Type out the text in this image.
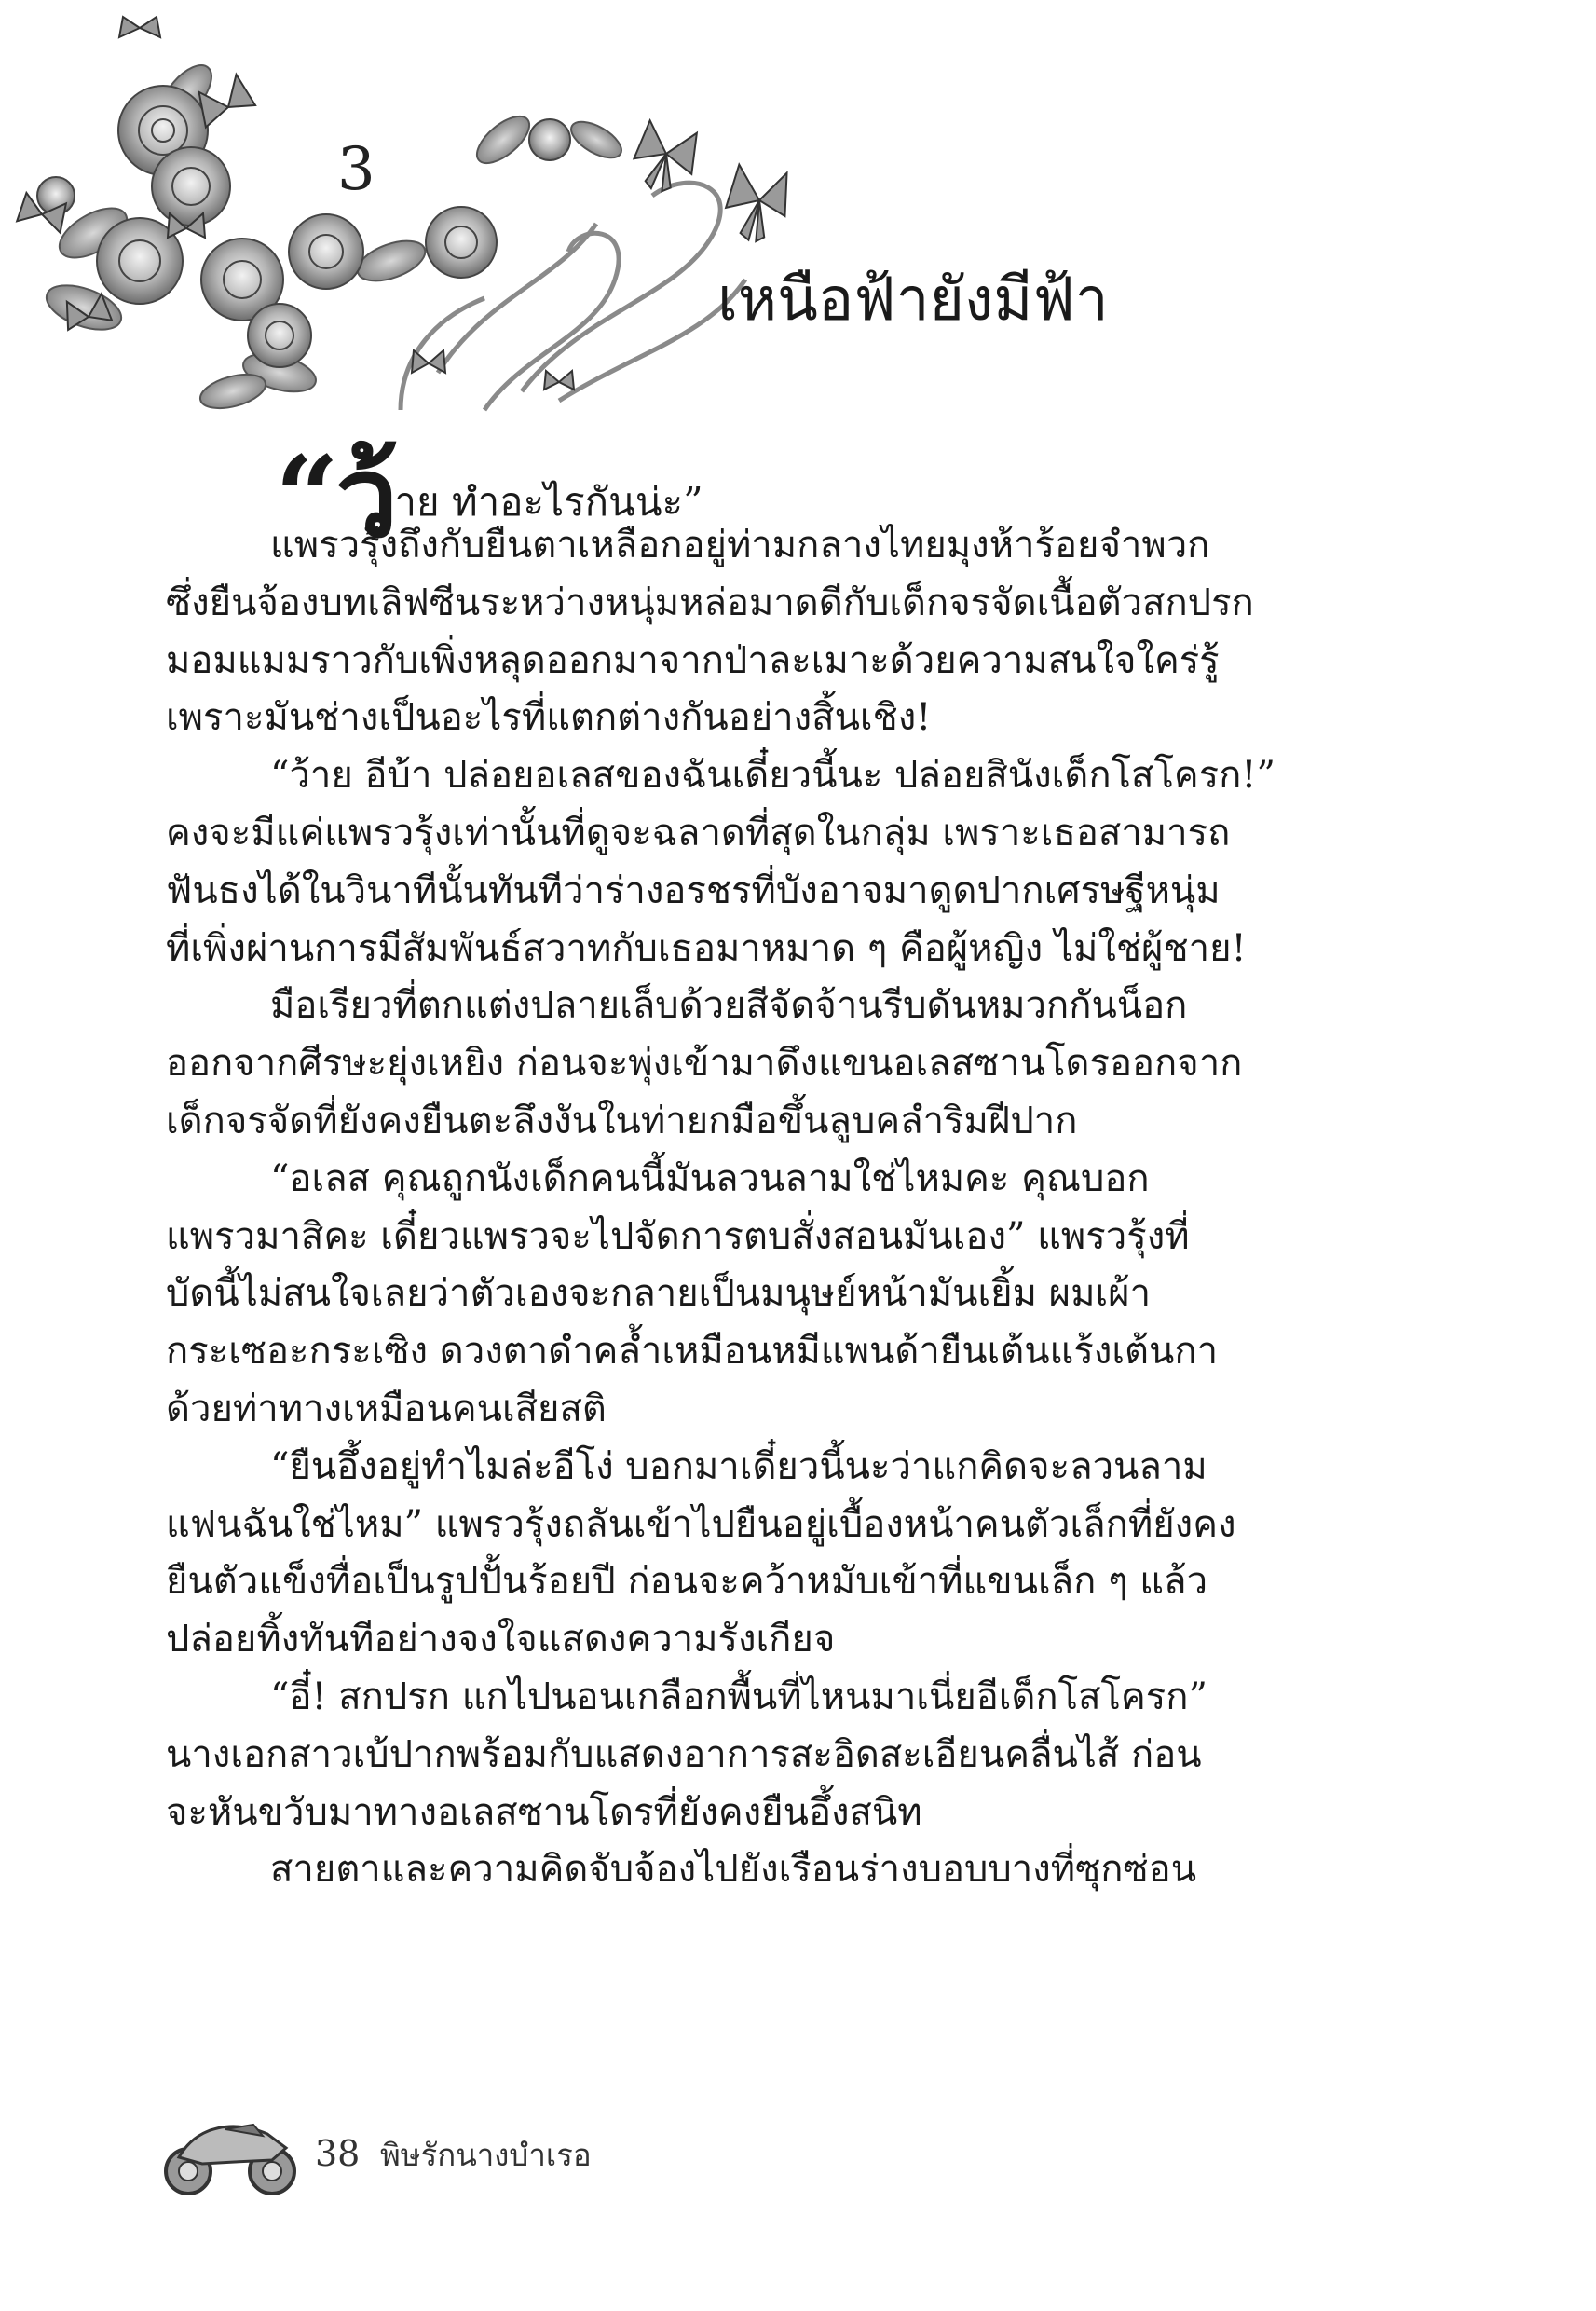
3
เหนือฟ้ายังมีฟ้า
“ว้าย ทำอะไรกันน่ะ”
แพรวรุ้งถึงกับยืนตาเหลือกอยู่ท่ามกลางไทยมุงห้าร้อยจำพวก
ซึ่งยืนจ้องบทเลิฟซีนระหว่างหนุ่มหล่อมาดดีกับเด็กจรจัดเนื้อตัวสกปรก
มอมแมมราวกับเพิ่งหลุดออกมาจากป่าละเมาะด้วยความสนใจใคร่รู้
เพราะมันช่างเป็นอะไรที่แตกต่างกันอย่างสิ้นเชิง!
“ว้าย อีบ้า ปล่อยอเลสของฉันเดี๋ยวนี้นะ ปล่อยสินังเด็กโสโครก!”
คงจะมีแค่แพรวรุ้งเท่านั้นที่ดูจะฉลาดที่สุดในกลุ่ม เพราะเธอสามารถ
ฟันธงได้ในวินาทีนั้นทันทีว่าร่างอรชรที่บังอาจมาดูดปากเศรษฐีหนุ่ม
ที่เพิ่งผ่านการมีสัมพันธ์สวาทกับเธอมาหมาด ๆ คือผู้หญิง ไม่ใช่ผู้ชาย!
มือเรียวที่ตกแต่งปลายเล็บด้วยสีจัดจ้านรีบดันหมวกกันน็อก
ออกจากศีรษะยุ่งเหยิง ก่อนจะพุ่งเข้ามาดึงแขนอเลสซานโดรออกจาก
เด็กจรจัดที่ยังคงยืนตะลึงงันในท่ายกมือขึ้นลูบคลำริมฝีปาก
“อเลส คุณถูกนังเด็กคนนี้มันลวนลามใช่ไหมคะ คุณบอก
แพรวมาสิคะ เดี๋ยวแพรวจะไปจัดการตบสั่งสอนมันเอง” แพรวรุ้งที่
บัดนี้ไม่สนใจเลยว่าตัวเองจะกลายเป็นมนุษย์หน้ามันเยิ้ม ผมเผ้า
กระเซอะกระเซิง ดวงตาดำคล้ำเหมือนหมีแพนด้ายืนเต้นแร้งเต้นกา
ด้วยท่าทางเหมือนคนเสียสติ
“ยืนอึ้งอยู่ทำไมล่ะอีโง่ บอกมาเดี๋ยวนี้นะว่าแกคิดจะลวนลาม
แฟนฉันใช่ไหม” แพรวรุ้งถลันเข้าไปยืนอยู่เบื้องหน้าคนตัวเล็กที่ยังคง
ยืนตัวแข็งทื่อเป็นรูปปั้นร้อยปี ก่อนจะคว้าหมับเข้าที่แขนเล็ก ๆ แล้ว
ปล่อยทิ้งทันทีอย่างจงใจแสดงความรังเกียจ
“อี๋! สกปรก แกไปนอนเกลือกพื้นที่ไหนมาเนี่ยอีเด็กโสโครก”
นางเอกสาวเบ้ปากพร้อมกับแสดงอาการสะอิดสะเอียนคลื่นไส้ ก่อน
จะหันขวับมาทางอเลสซานโดรที่ยังคงยืนอึ้งสนิท
สายตาและความคิดจับจ้องไปยังเรือนร่างบอบบางที่ซุกซ่อน
38 พิษรักนางบำเรอ
